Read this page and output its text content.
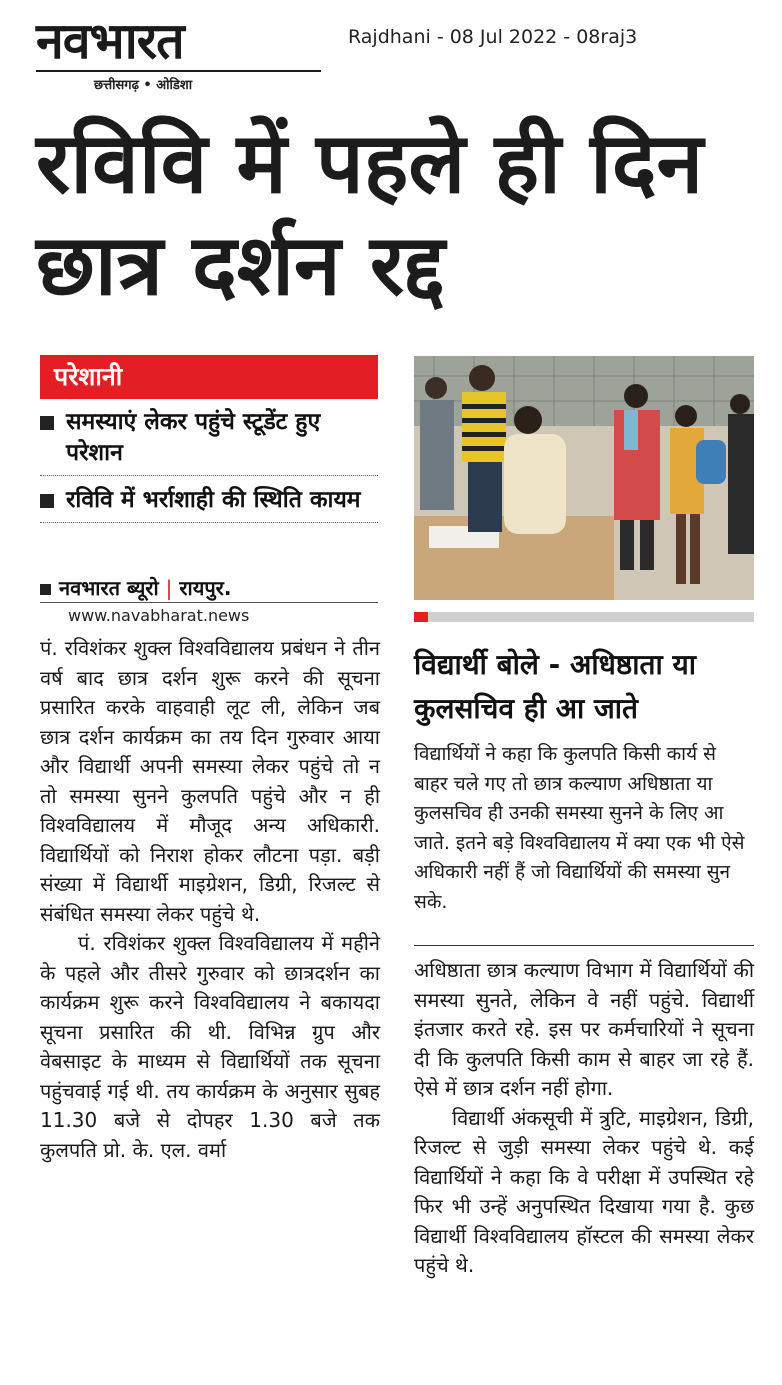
नवभारत
छत्तीसगढ़ • ओडिशा
Rajdhani - 08 Jul 2022 - 08raj3
रविवि में पहले ही दिन छात्र दर्शन रद्द
परेशानी
समस्याएं लेकर पहुंचे स्टूडेंट हुए परेशान
रविवि में भर्राशाही की स्थिति कायम
नवभारत ब्यूरो | रायपुर.
www.navabharat.news

पं. रविशंकर शुक्ल विश्वविद्यालय प्रबंधन ने तीन वर्ष बाद छात्र दर्शन शुरू करने की सूचना प्रसारित करके वाहवाही लूट ली, लेकिन जब छात्र दर्शन कार्यक्रम का तय दिन गुरुवार आया और विद्यार्थी अपनी समस्या लेकर पहुंचे तो न तो समस्या सुनने कुलपति पहुंचे और न ही विश्वविद्यालय में मौजूद अन्य अधिकारी. विद्यार्थियों को निराश होकर लौटना पड़ा. बड़ी संख्या में विद्यार्थी माइग्रेशन, डिग्री, रिजल्ट से संबंधित समस्या लेकर पहुंचे थे.

पं. रविशंकर शुक्ल विश्वविद्यालय में महीने के पहले और तीसरे गुरुवार को छात्रदर्शन का कार्यक्रम शुरू करने विश्वविद्यालय ने बकायदा सूचना प्रसारित की थी. विभिन्न ग्रुप और वेबसाइट के माध्यम से विद्यार्थियों तक सूचना पहुंचवाई गई थी. तय कार्यक्रम के अनुसार सुबह 11.30 बजे से दोपहर 1.30 बजे तक कुलपति प्रो. के. एल. वर्मा

विद्यार्थी बोले - अधिष्ठाता या कुलसचिव ही आ जाते
विद्यार्थियों ने कहा कि कुलपति किसी कार्य से बाहर चले गए तो छात्र कल्याण अधिष्ठाता या कुलसचिव ही उनकी समस्या सुनने के लिए आ जाते. इतने बड़े विश्वविद्यालय में क्या एक भी ऐसे अधिकारी नहीं हैं जो विद्यार्थियों की समस्या सुन सके.

अधिष्ठाता छात्र कल्याण विभाग में विद्यार्थियों की समस्या सुनते, लेकिन वे नहीं पहुंचे. विद्यार्थी इंतजार करते रहे. इस पर कर्मचारियों ने सूचना दी कि कुलपति किसी काम से बाहर जा रहे हैं. ऐसे में छात्र दर्शन नहीं होगा.

विद्यार्थी अंकसूची में त्रुटि, माइग्रेशन, डिग्री, रिजल्ट से जुड़ी समस्या लेकर पहुंचे थे. कई विद्यार्थियों ने कहा कि वे परीक्षा में उपस्थित रहे फिर भी उन्हें अनुपस्थित दिखाया गया है. कुछ विद्यार्थी विश्वविद्यालय हॉस्टल की समस्या लेकर पहुंचे थे.
